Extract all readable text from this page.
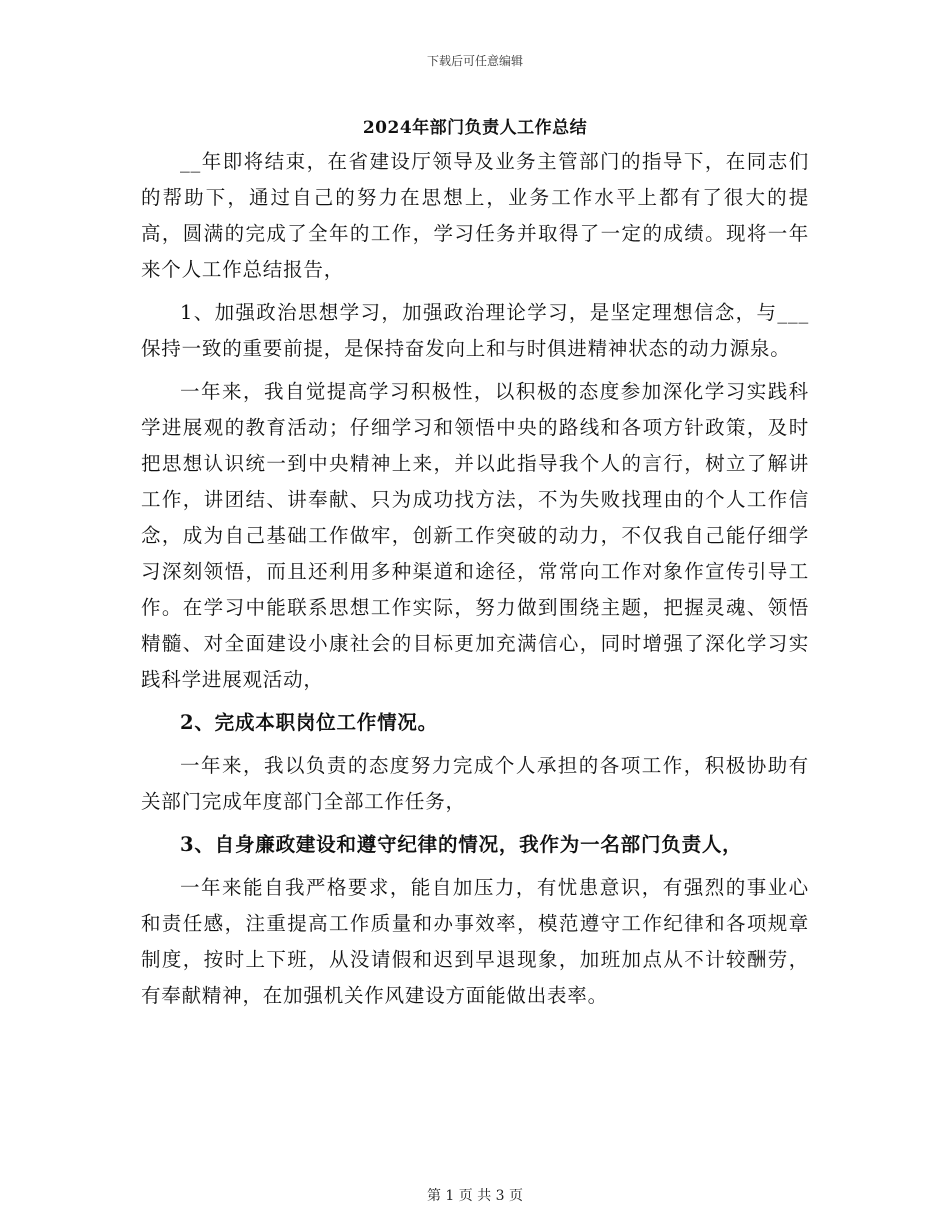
下载后可任意编辑
2024年部门负责人工作总结

__年即将结束，在省建设厅领导及业务主管部门的指导下，在同志们的帮助下，通过自己的努力在思想上，业务工作水平上都有了很大的提高，圆满的完成了全年的工作，学习任务并取得了一定的成绩。现将一年来个人工作总结报告，

1、加强政治思想学习，加强政治理论学习，是坚定理想信念，与___保持一致的重要前提，是保持奋发向上和与时俱进精神状态的动力源泉。

一年来，我自觉提高学习积极性，以积极的态度参加深化学习实践科学进展观的教育活动；仔细学习和领悟中央的路线和各项方针政策，及时把思想认识统一到中央精神上来，并以此指导我个人的言行，树立了解讲工作，讲团结、讲奉献、只为成功找方法，不为失败找理由的个人工作信念，成为自己基础工作做牢，创新工作突破的动力，不仅我自己能仔细学习深刻领悟，而且还利用多种渠道和途径，常常向工作对象作宣传引导工作。在学习中能联系思想工作实际，努力做到围绕主题，把握灵魂、领悟精髓、对全面建设小康社会的目标更加充满信心，同时增强了深化学习实践科学进展观活动，

2、完成本职岗位工作情况。

一年来，我以负责的态度努力完成个人承担的各项工作，积极协助有关部门完成年度部门全部工作任务，

3、自身廉政建设和遵守纪律的情况，我作为一名部门负责人，

一年来能自我严格要求，能自加压力，有忧患意识，有强烈的事业心和责任感，注重提高工作质量和办事效率，模范遵守工作纪律和各项规章制度，按时上下班，从没请假和迟到早退现象，加班加点从不计较酬劳，有奉献精神，在加强机关作风建设方面能做出表率。

第 1 页 共 3 页
